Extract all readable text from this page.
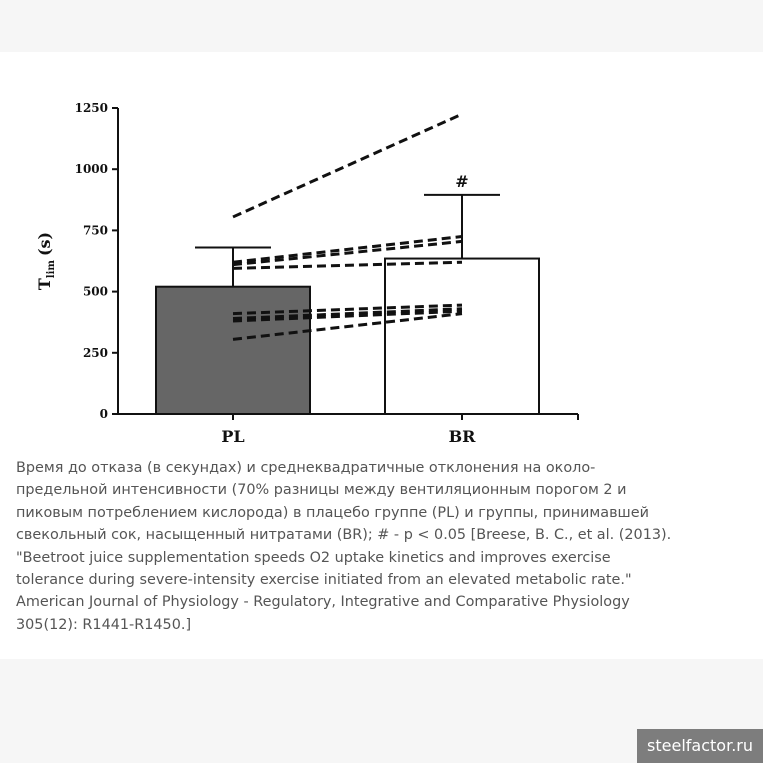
0
250
500
750
1000
1250
PL	BR
#
$T_{lim}(s)$

Время до отказа (в секундах) и среднеквадратичные отклонения на около-
предельной интенсивности (70% разницы между вентиляционным порогом 2 и
пиковым потреблением кислорода) в плацебо группе (PL) и группы, принимавшей
свекольный сок, насыщенный нитратами (BR); # - p < 0.05 [Breese, B. C., et al. (2013).
"Beetroot juice supplementation speeds O2 uptake kinetics and improves exercise
tolerance during severe-intensity exercise initiated from an elevated metabolic rate."
American Journal of Physiology - Regulatory, Integrative and Comparative Physiology
305(12): R1441-R1450.]

steelfactor.ru
